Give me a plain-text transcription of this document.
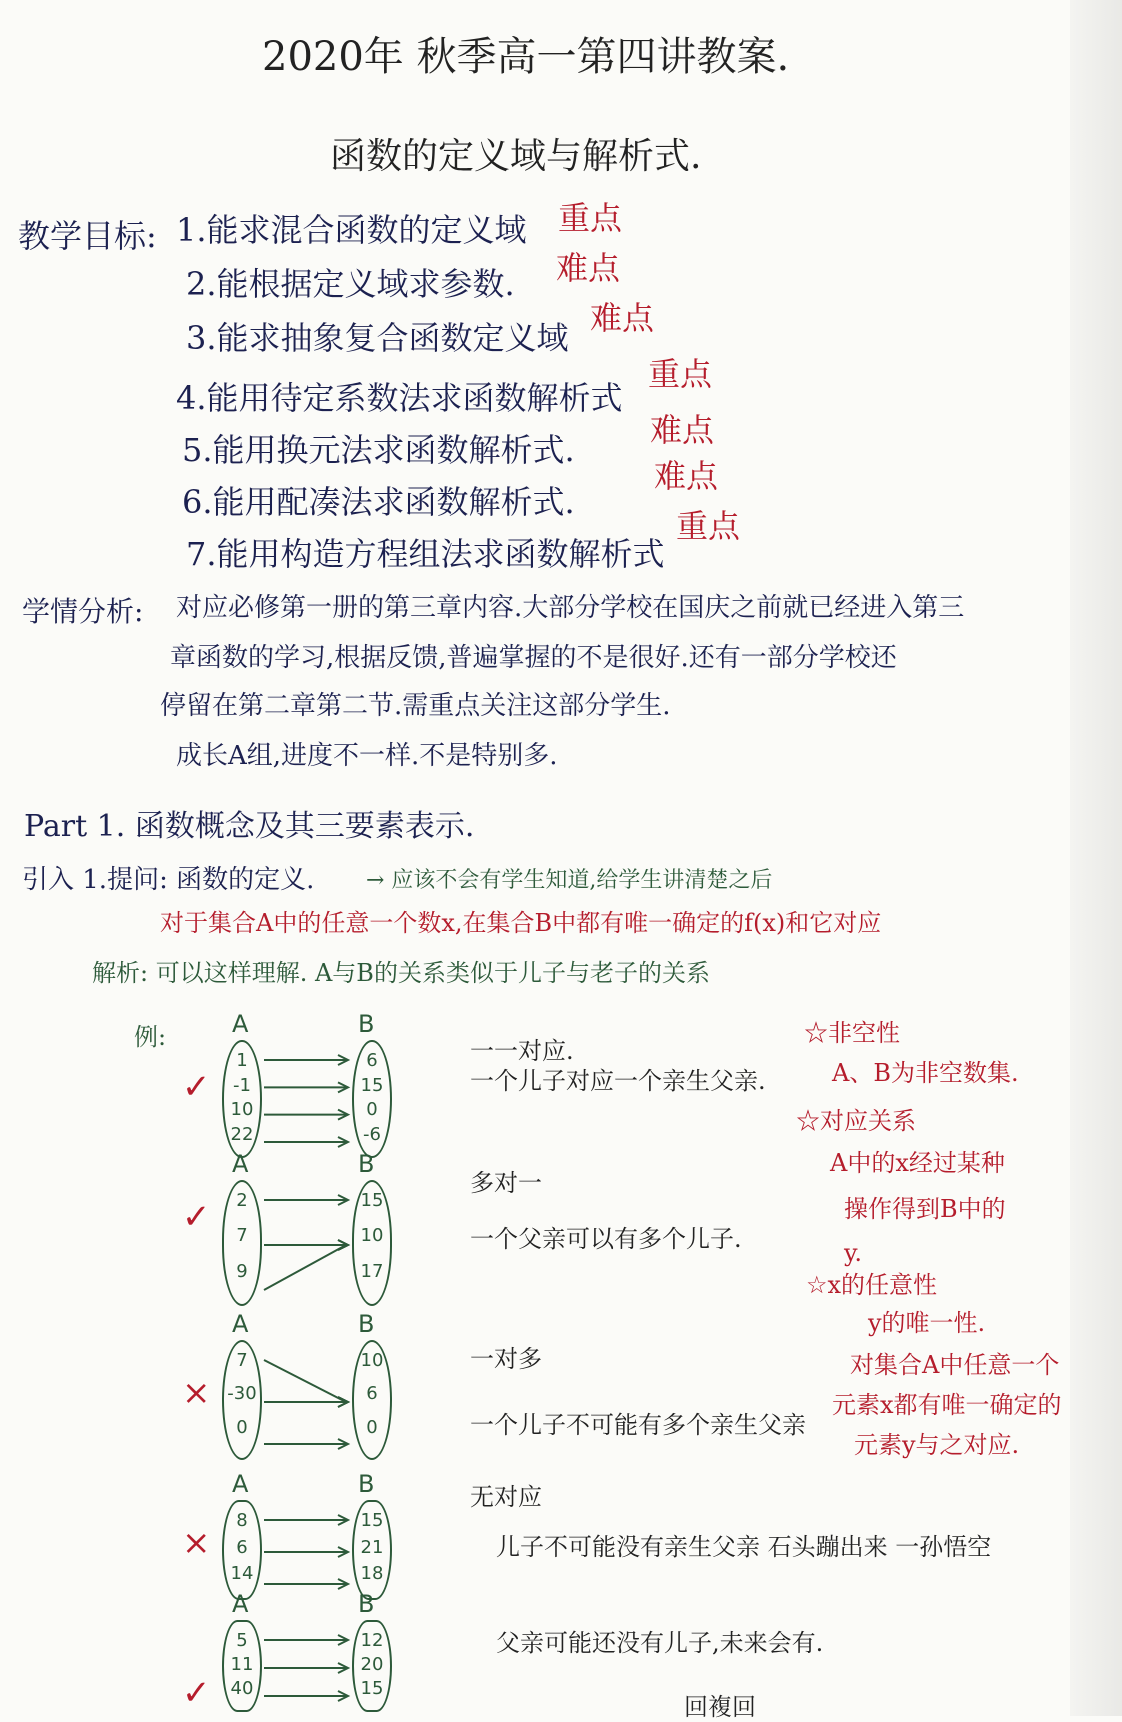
2020年 秋季高一第四讲教案.
函数的定义域与解析式.
教学目标: 1.能求混合函数的定义域 重点
2.能根据定义域求参数. 难点
3.能求抽象复合函数定义域
难点
4.能用待定系数法求函数解析式
重点
5.能用换元法求函数解析式.
难点
6.能用配凑法求函数解析式.
难点
7.能用构造方程组法求函数解析式
重点
学情分析: 对应必修第一册的第三章内容.大部分学校在国庆之前就已经进入第三
章函数的学习,根据反馈,普遍掌握的不是很好.还有一部分学校还
停留在第二章第二节.需重点关注这部分学生.
成长A组,进度不一样.不是特别多.
Part 1. 函数概念及其三要素表示.
引入 1.提问: 函数的定义. → 应该不会有学生知道,给学生讲清楚之后
对于集合A中的任意一个数x,在集合B中都有唯一确定的f(x)和它对应
解析: 可以这样理解. A与B的关系类似于儿子与老子的关系
例:	A	B
1
-1
10
22
6
15
0
-6
✓
一一对应.
一个儿子对应一个亲生父亲.
A	B
2
7
9
15
10
17
✓
多对一
一个父亲可以有多个儿子.
A	B
7
-30
0
10
6
0
×
一对多
一个儿子不可能有多个亲生父亲
A	B
8
6
14
15
21
18
×
无对应
儿子不可能没有亲生父亲 石头蹦出来 一孙悟空
A	B
5
11
40
12
20
15
✓
父亲可能还没有儿子,未来会有.
☆非空性
A、B为非空数集.
☆对应关系
A中的x经过某种
操作得到B中的
y.
☆x的任意性
y的唯一性.
对集合A中任意一个
元素x都有唯一确定的
元素y与之对应.
回複回
